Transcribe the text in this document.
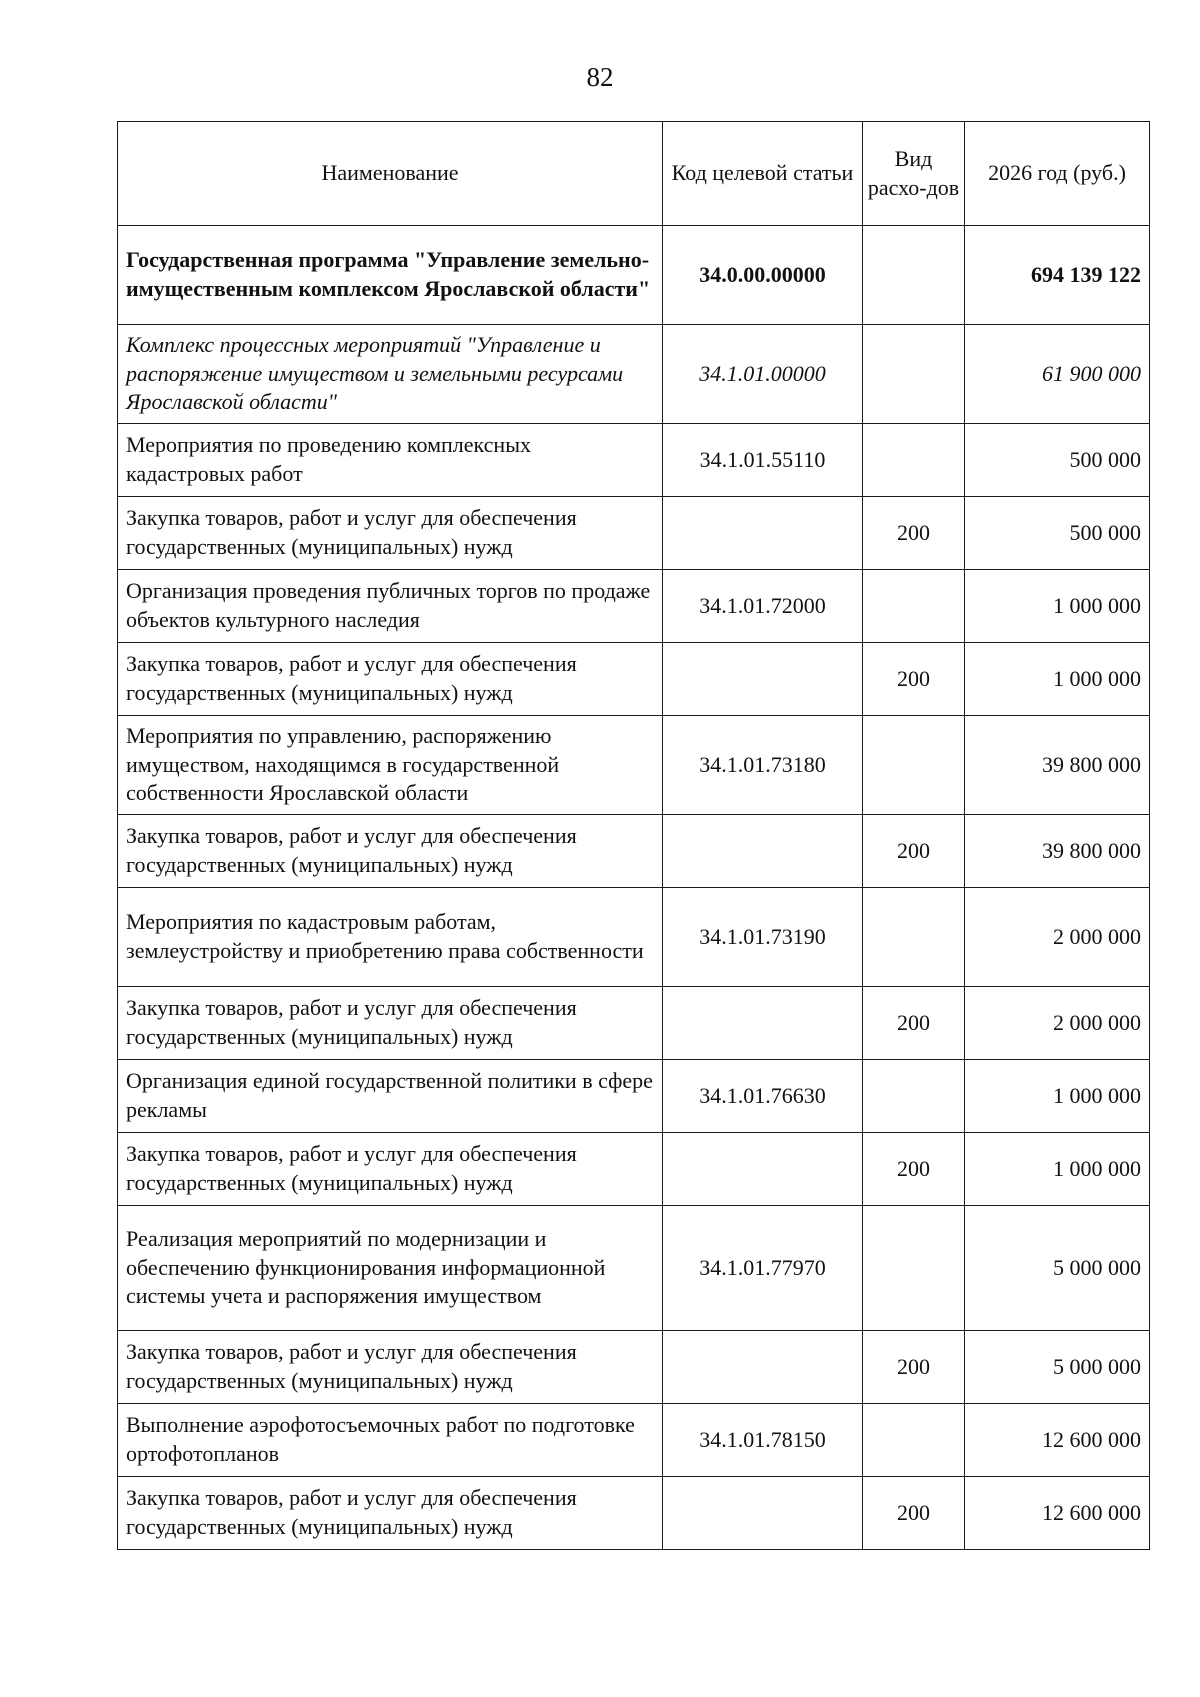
82
Наименование	Код целевой статьи	Вид расхо-дов	2026 год (руб.)
Государственная программа "Управление земельно-имущественным комплексом Ярославской области"	34.0.00.00000		694 139 122
Комплекс процессных мероприятий "Управление и распоряжение имуществом и земельными ресурсами Ярославской области"	34.1.01.00000		61 900 000
Мероприятия по проведению комплексных кадастровых работ	34.1.01.55110		500 000
Закупка товаров, работ и услуг для обеспечения государственных (муниципальных) нужд		200	500 000
Организация проведения публичных торгов по продаже объектов культурного наследия	34.1.01.72000		1 000 000
Закупка товаров, работ и услуг для обеспечения государственных (муниципальных) нужд		200	1 000 000
Мероприятия по управлению, распоряжению имуществом, находящимся в государственной собственности Ярославской области	34.1.01.73180		39 800 000
Закупка товаров, работ и услуг для обеспечения государственных (муниципальных) нужд		200	39 800 000
Мероприятия по кадастровым работам, землеустройству и приобретению права собственности	34.1.01.73190		2 000 000
Закупка товаров, работ и услуг для обеспечения государственных (муниципальных) нужд		200	2 000 000
Организация единой государственной политики в сфере рекламы	34.1.01.76630		1 000 000
Закупка товаров, работ и услуг для обеспечения государственных (муниципальных) нужд		200	1 000 000
Реализация мероприятий по модернизации и обеспечению функционирования информационной системы учета и распоряжения имуществом	34.1.01.77970		5 000 000
Закупка товаров, работ и услуг для обеспечения государственных (муниципальных) нужд		200	5 000 000
Выполнение аэрофотосъемочных работ по подготовке ортофотопланов	34.1.01.78150		12 600 000
Закупка товаров, работ и услуг для обеспечения государственных (муниципальных) нужд		200	12 600 000
